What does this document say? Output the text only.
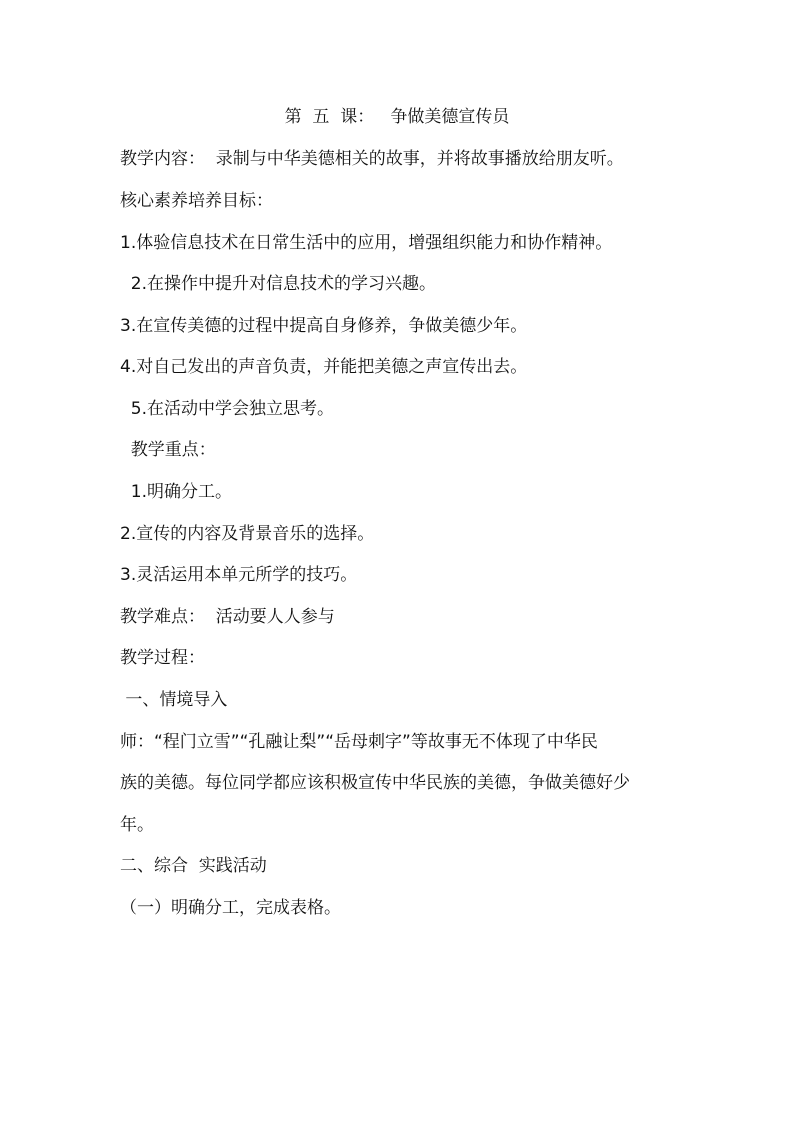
第  五  课：   争做美德宣传员
教学内容：  录制与中华美德相关的故事，并将故事播放给朋友听。
核心素养培养目标：
1.体验信息技术在日常生活中的应用，增强组织能力和协作精神。
2.在操作中提升对信息技术的学习兴趣。
3.在宣传美德的过程中提高自身修养，争做美德少年。
4.对自己发出的声音负责，并能把美德之声宣传出去。
5.在活动中学会独立思考。
教学重点：
1.明确分工。
2.宣传的内容及背景音乐的选择。
3.灵活运用本单元所学的技巧。
教学难点：  活动要人人参与
教学过程：
一、情境导入
师：“程门立雪”“孔融让梨”“岳母刺字”等故事无不体现了中华民
族的美德。每位同学都应该积极宣传中华民族的美德，争做美德好少
年。
二、综合  实践活动
（一）明确分工，完成表格。
